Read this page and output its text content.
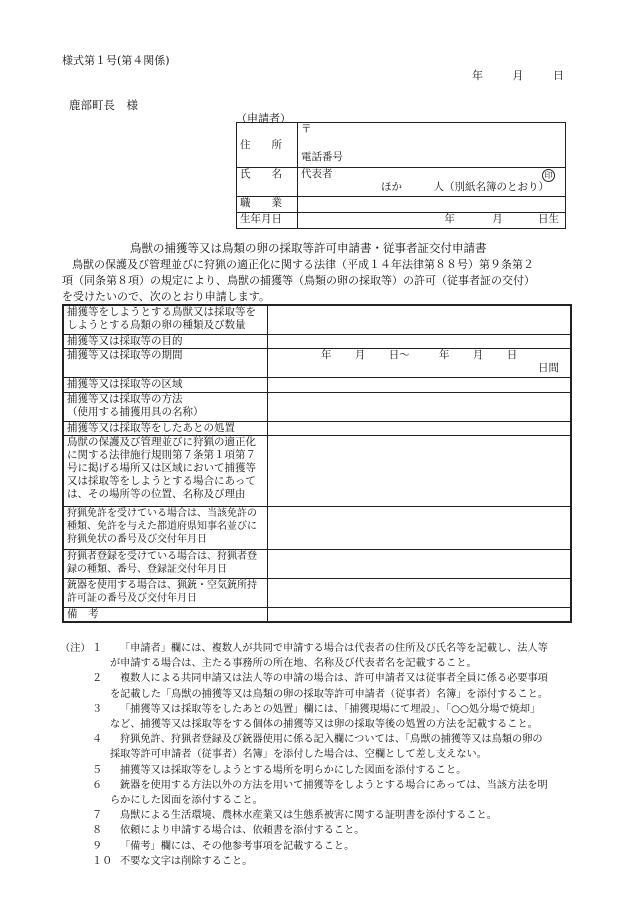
様式第１号(第４関係)
年	月	日
鹿部町長　様
（申請者）
住　　所	〒
電話番号

氏　　名	代表者 印
ほか　　　人（別紙名簿のとおり）

職　　業	
生年月日	年 月 日生
鳥獣の捕獲等又は鳥類の卵の採取等許可申請書・従事者証交付申請書
鳥獣の保護及び管理並びに狩猟の適正化に関する法律（平成１４年法律第８８号）第９条第２
項（同条第８項）の規定により、鳥獣の捕獲等（鳥類の卵の採取等）の許可（従事者証の交付）
を受けたいので、次のとおり申請します。
捕獲等をしようとする鳥獣又は採取等を
しようとする鳥類の卵の種類及び数量	

捕獲等又は採取等の目的	
捕獲等又は採取等の期間	年 月 日～ 年 月 日
日間

捕獲等又は採取等の区域	

捕獲等又は採取等の方法
（使用する捕獲用具の名称）	

捕獲等又は採取等をしたあとの処置	

鳥獣の保護及び管理並びに狩猟の適正化
に関する法律施行規則第７条第１項第７
号に掲げる場所又は区域において捕獲等
又は採取等をしようとする場合にあって
は、その場所等の位置、名称及び理由	

狩猟免許を受けている場合は、当該免許の
種類、免許を与えた都道府県知事名並びに
狩猟免状の番号及び交付年月日	

狩猟者登録を受けている場合は、狩猟者登
録の種類、番号、登録証交付年月日	

銃器を使用する場合は、猟銃・空気銃所持
許可証の番号及び交付年月日	

備　考	
（注） １ 「申請者」欄には、複数人が共同で申請する場合は代表者の住所及び氏名等を記載し、法人等
が申請する場合は、主たる事務所の所在地、名称及び代表者名を記載すること。
２ 複数人による共同申請又は法人等の申請の場合は、許可申請者又は従事者全員に係る必要事項
を記載した「鳥獣の捕獲等又は鳥類の卵の採取等許可申請者（従事者）名簿」を添付すること。
３ 「捕獲等又は採取等をしたあとの処置」欄には、「捕獲現場にて埋設」、「○○処分場で焼却」
など、捕獲等又は採取等をする個体の捕獲等又は卵の採取等後の処置の方法を記載すること。
４ 狩猟免許、狩猟者登録及び銃器使用に係る記入欄については、「鳥獣の捕獲等又は鳥類の卵の
採取等許可申請者（従事者）名簿」を添付した場合は、空欄として差し支えない。
５ 捕獲等又は採取等をしようとする場所を明らかにした図面を添付すること。
６ 銃器を使用する方法以外の方法を用いて捕獲等をしようとする場合にあっては、当該方法を明
らかにした図面を添付すること。
７ 鳥獣による生活環境、農林水産業又は生態系被害に関する証明書を添付すること。
８ 依頼により申請する場合は、依頼書を添付すること。
９ 「備考」欄には、その他参考事項を記載すること。
１０ 不要な文字は削除すること。
